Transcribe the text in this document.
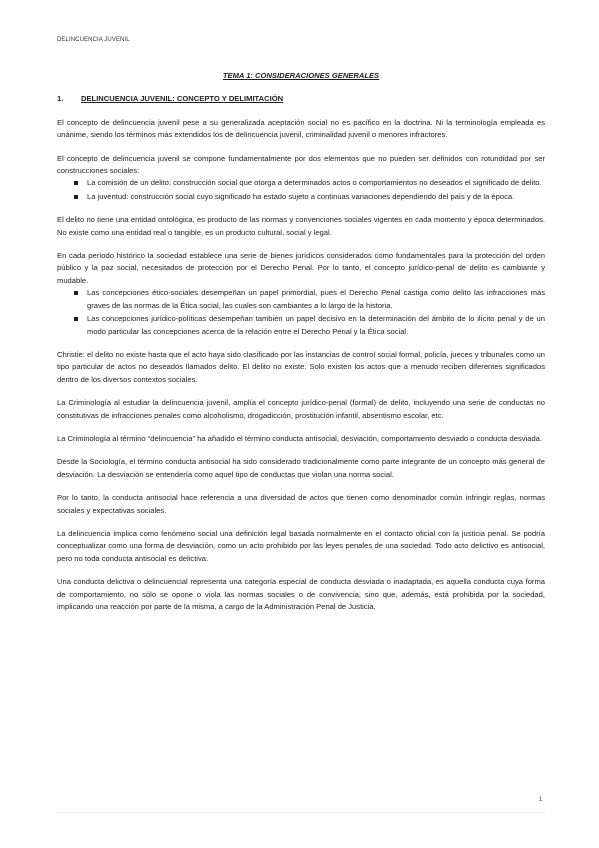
DELINCUENCIA JUVENIL
TEMA 1: CONSIDERACIONES GENERALES
1.	DELINCUENCIA JUVENIL: CONCEPTO Y DELIMITACIÓN

El concepto de delincuencia juvenil pese a su generalizada aceptación social no es pacífico en la doctrina. Ni la terminología empleada es unánime, siendo los términos más extendidos los de delincuencia juvenil, criminalidad juvenil o menores infractores.

El concepto de delincuencia juvenil se compone fundamentalmente por dos elementos que no pueden ser definidos con rotundidad por ser construcciones sociales:

La comisión de un delito: construcción social que otorga a determinados actos o comportamientos no deseados el significado de delito.
La juventud: construcción social cuyo significado ha estado sujeto a continuas variaciones dependiendo del país y de la época.

El delito no tiene una entidad ontológica, es producto de las normas y convenciones sociales vigentes en cada momento y época determinados. No existe como una entidad real o tangible, es un producto cultural, social y legal.

En cada período histórico la sociedad establece una serie de bienes jurídicos considerados como fundamentales para la protección del orden público y la paz social, necesitados de protección por el Derecho Penal. Por lo tanto, el concepto jurídico-penal de delito es cambiante y mudable.

Las concepciones ético-sociales desempeñan un papel primordial, pues el Derecho Penal castiga como delito las infracciones más graves de las normas de la Ética social, las cuales son cambiantes a lo largo de la historia.
Las concepciones jurídico-políticas desempeñan también un papel decisivo en la determinación del ámbito de lo ilícito penal y de un modo particular las concepciones acerca de la relación entre el Derecho Penal y la Ética social.

Christie: el delito no existe hasta que el acto haya sido clasificado por las instancias de control social formal, policía, jueces y tribunales como un tipo particular de actos no deseados llamados delito. El delito no existe. Solo existen los actos que a menudo reciben diferentes significados dentro de los diversos contextos sociales.

La Criminología al estudiar la delincuencia juvenil, amplía el concepto jurídico-penal (formal) de delito, incluyendo una serie de conductas no constitutivas de infracciones penales como alcoholismo, drogadicción, prostitución infantil, absentismo escolar, etc.

La Criminología al término “delincuencia” ha añadido el término conducta antisocial, desviación, comportamiento desviado o conducta desviada.

Desde la Sociología, el término conducta antisocial ha sido considerado tradicionalmente como parte integrante de un concepto más general de desviación. La desviación se entendería como aquel tipo de conductas que violan una norma social.

Por lo tanto, la conducta antisocial hace referencia a una diversidad de actos que tienen como denominador común infringir reglas, normas sociales y expectativas sociales.

La delincuencia implica como fenómeno social una definición legal basada normalmente en el contacto oficial con la justicia penal. Se podría conceptualizar como una forma de desviación, como un acto prohibido por las leyes penales de una sociedad. Todo acto delictivo es antisocial, pero no toda conducta antisocial es delictiva.

Una conducta delictiva o delincuencial representa una categoría especial de conducta desviada o inadaptada, es aquella conducta cuya forma de comportamiento, no sólo se opone o viola las normas sociales o de convivencia, sino que, además, está prohibida por la sociedad, implicando una reacción por parte de la misma, a cargo de la Administración Penal de Justicia.

1
